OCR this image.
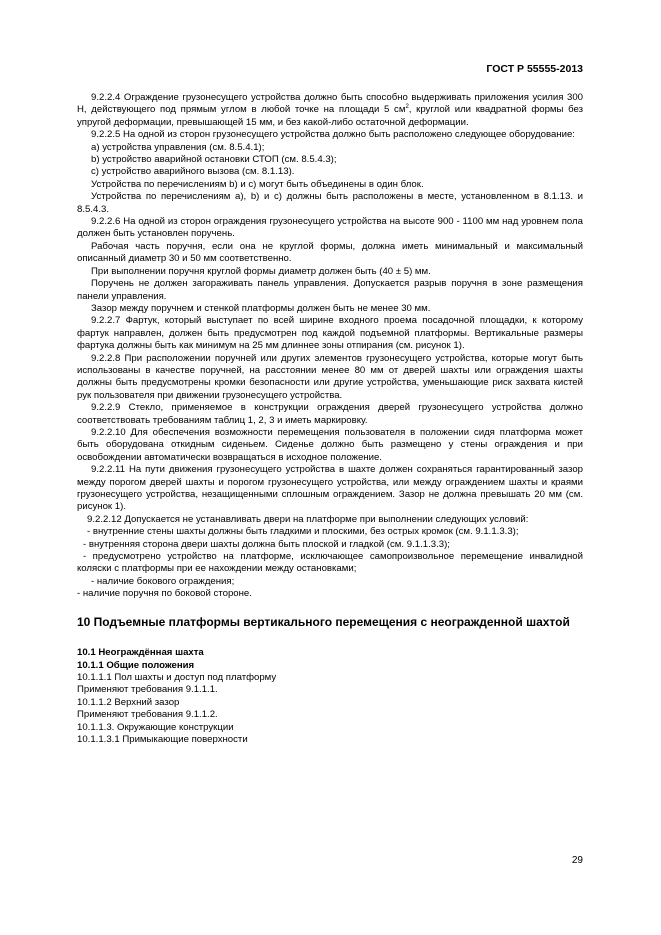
ГОСТ Р 55555-2013

9.2.2.4 Ограждение грузонесущего устройства должно быть способно выдерживать приложения усилия 300 Н, действующего под прямым углом в любой точке на площади 5 $см^2$, круглой или квадратной формы без упругой деформации, превышающей 15 мм, и без какой-либо остаточной деформации.

9.2.2.5 На одной из сторон грузонесущего устройства должно быть расположено следующее оборудование:

a) устройства управления (см. 8.5.4.1);

b) устройство аварийной остановки СТОП (см. 8.5.4.3);

c) устройство аварийного вызова (см. 8.1.13).

Устройства по перечислениям b) и c) могут быть объединены в один блок.

Устройства по перечислениям a), b) и c) должны быть расположены в месте, установленном в 8.1.13. и 8.5.4.3.

9.2.2.6 На одной из сторон ограждения грузонесущего устройства на высоте 900 - 1100 мм над уровнем пола должен быть установлен поручень.

Рабочая часть поручня, если она не круглой формы, должна иметь минимальный и максимальный описанный диаметр 30 и 50 мм соответственно.

При выполнении поручня круглой формы диаметр должен быть (40 ± 5) мм.

Поручень не должен загораживать панель управления. Допускается разрыв поручня в зоне размещения панели управления.

Зазор между поручнем и стенкой платформы должен быть не менее 30 мм.

9.2.2.7 Фартук, который выступает по всей ширине входного проема посадочной площадки, к которому фартук направлен, должен быть предусмотрен под каждой подъемной платформы. Вертикальные размеры фартука должны быть как минимум на 25 мм длиннее зоны отпирания (см. рисунок 1).

9.2.2.8 При расположении поручней или других элементов грузонесущего устройства, которые могут быть использованы в качестве поручней, на расстоянии менее 80 мм от дверей шахты или ограждения шахты должны быть предусмотрены кромки безопасности или другие устройства, уменьшающие риск захвата кистей рук пользователя при движении грузонесущего устройства.

9.2.2.9 Стекло, применяемое в конструкции ограждения дверей грузонесущего устройства должно соответствовать требованиям таблиц 1, 2, 3 и иметь маркировку.

9.2.2.10 Для обеспечения возможности перемещения пользователя в положении сидя платформа может быть оборудована откидным сиденьем. Сиденье должно быть размещено у стены ограждения и при освобождении автоматически возвращаться в исходное положение.

9.2.2.11 На пути движения грузонесущего устройства в шахте должен сохраняться гарантированный зазор между порогом дверей шахты и порогом грузонесущего устройства, или между ограждением шахты и краями грузонесущего устройства, незащищенными сплошным ограждением. Зазор не должна превышать 20 мм (см. рисунок 1).

9.2.2.12 Допускается не устанавливать двери на платформе при выполнении следующих условий:

- внутренние стены шахты должны быть гладкими и плоскими, без острых кромок (см. 9.1.1.3.3);

- внутренняя сторона двери шахты должна быть плоской и гладкой (см. 9.1.1.3.3);

- предусмотрено устройство на платформе, исключающее самопроизвольное перемещение инвалидной коляски с платформы при ее нахождении между остановками;

- наличие бокового ограждения;

- наличие поручня по боковой стороне.

10 Подъемные платформы вертикального перемещения с неогражденной шахтой

10.1 Неограждённая шахта

10.1.1 Общие положения

10.1.1.1 Пол шахты и доступ под платформу

Применяют требования 9.1.1.1.

10.1.1.2 Верхний зазор

Применяют требования 9.1.1.2.

10.1.1.3. Окружающие конструкции

10.1.1.3.1 Примыкающие поверхности

29
